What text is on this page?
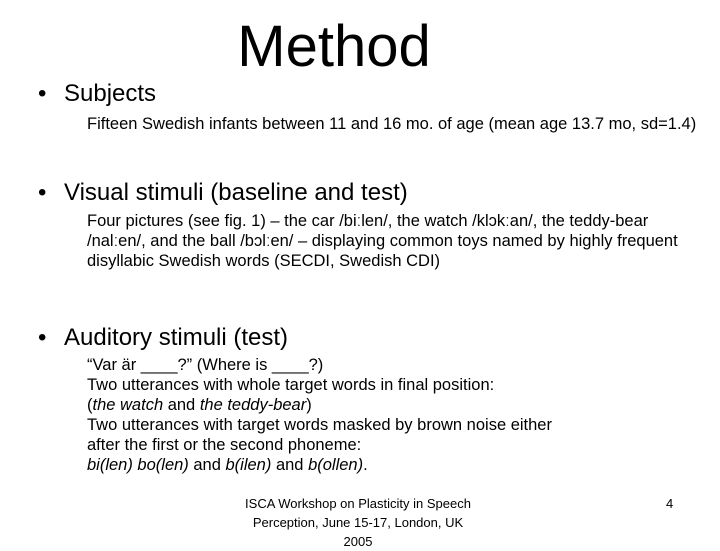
Method
• Subjects

Fifteen Swedish infants between 11 and 16 mo. of age (mean age 13.7 mo, sd=1.4)

• Visual stimuli (baseline and test)

Four pictures (see fig. 1) – the car /biːlen/, the watch /klɔkːan/, the teddy-bear /nalːen/, and the ball /bɔlːen/ – displaying common toys named by highly frequent disyllabic Swedish words (SECDI, Swedish CDI)

• Auditory stimuli (test)

“Var är ____?” (Where is ____?)

Two utterances with whole target words in final position:

(the watch and the teddy-bear)

Two utterances with target words masked by brown noise either

after the first or the second phoneme:

bi(len) bo(len) and b(ilen) and b(ollen).

ISCA Workshop on Plasticity in Speech Perception, June 15-17, London, UK 2005
4
